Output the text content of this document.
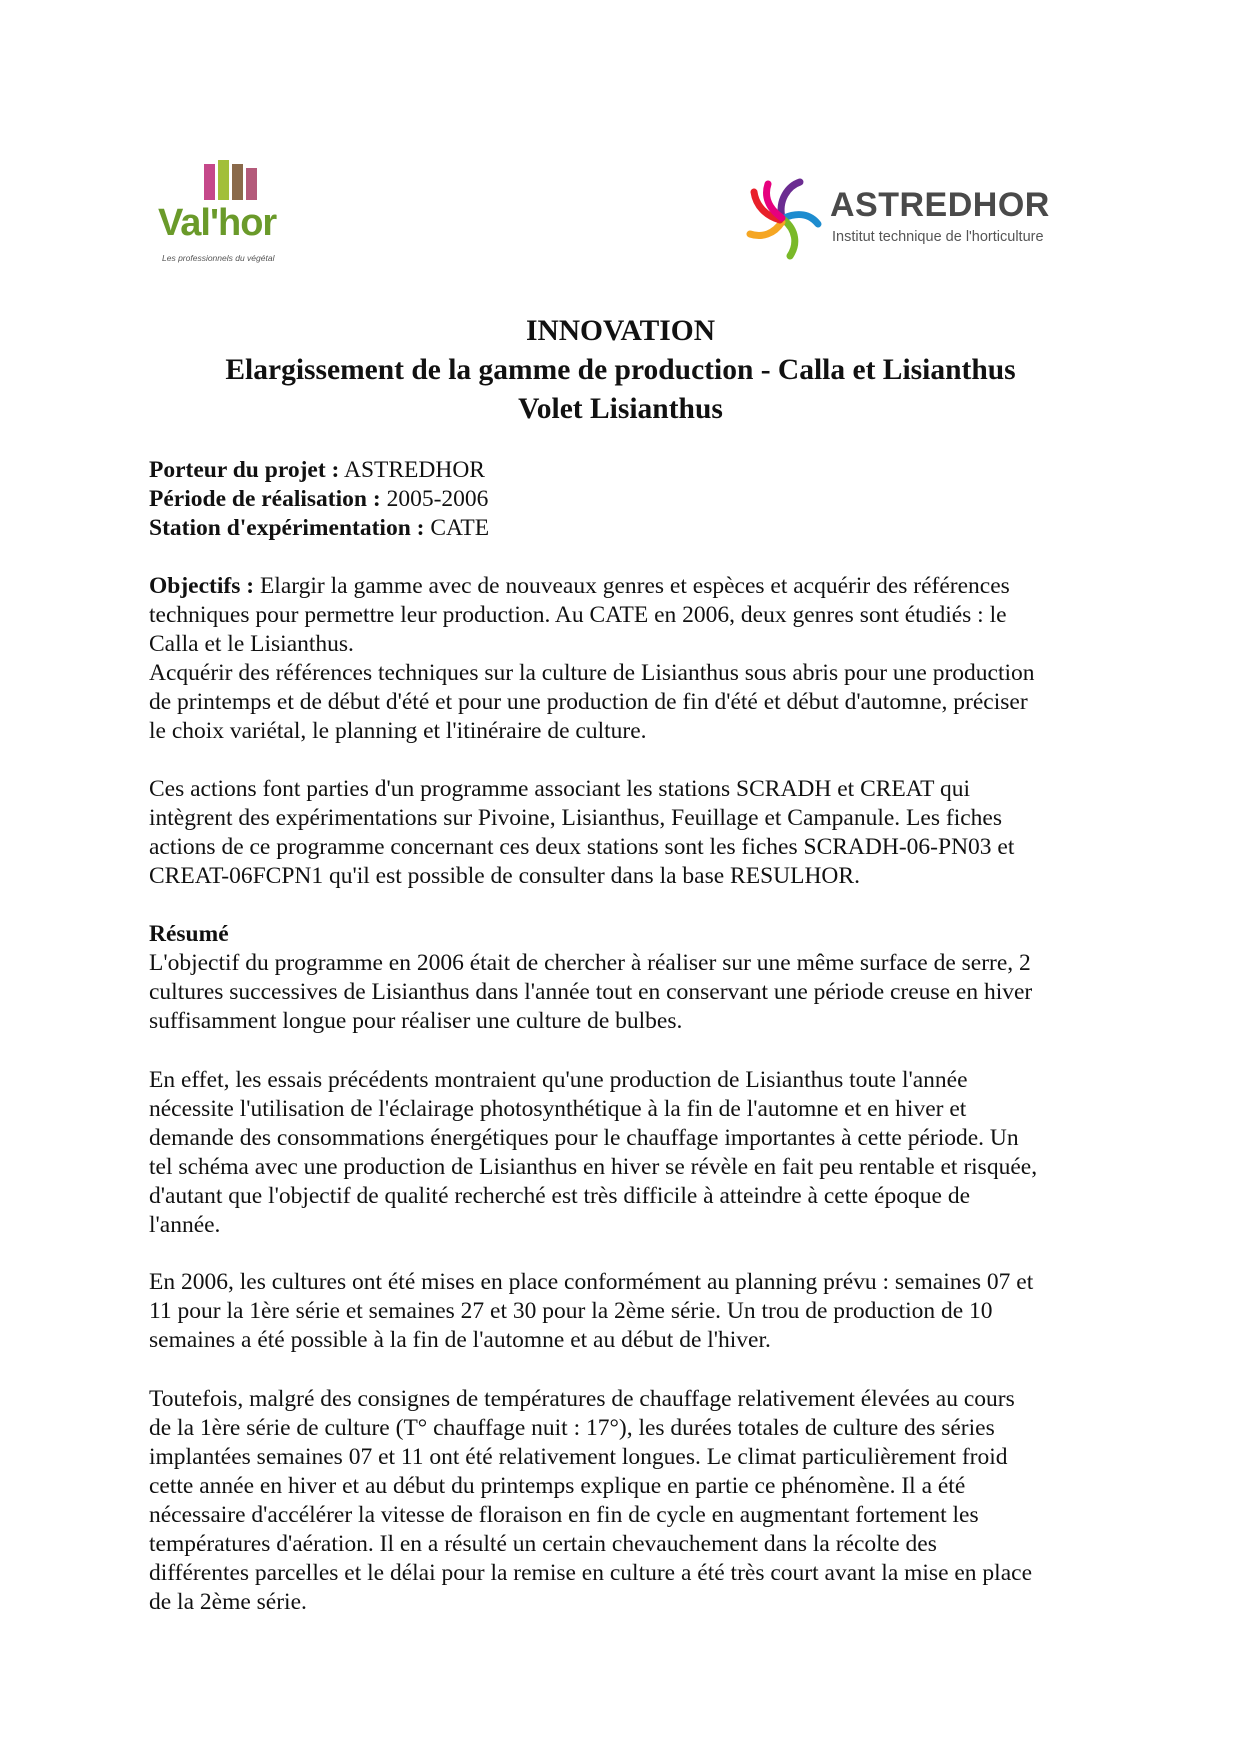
Val'hor
Les professionnels du végétal
ASTREDHOR
Institut technique de l'horticulture
INNOVATION
Elargissement de la gamme de production - Calla et Lisianthus
Volet Lisianthus
Porteur du projet : ASTREDHOR
Période de réalisation : 2005-2006
Station d'expérimentation : CATE
Objectifs : Elargir la gamme avec de nouveaux genres et espèces et acquérir des références
techniques pour permettre leur production. Au CATE en 2006, deux genres sont étudiés : le
Calla et le Lisianthus.
Acquérir des références techniques sur la culture de Lisianthus sous abris pour une production
de printemps et de début d'été et pour une production de fin d'été et début d'automne, préciser
le choix variétal, le planning et l'itinéraire de culture.
Ces actions font parties d'un programme associant les stations SCRADH et CREAT qui
intègrent des expérimentations sur Pivoine, Lisianthus, Feuillage et Campanule. Les fiches
actions de ce programme concernant ces deux stations sont les fiches SCRADH-06-PN03 et
CREAT-06FCPN1 qu'il est possible de consulter dans la base RESULHOR.
Résumé
L'objectif du programme en 2006 était de chercher à réaliser sur une même surface de serre, 2
cultures successives de Lisianthus dans l'année tout en conservant une période creuse en hiver
suffisamment longue pour réaliser une culture de bulbes.
En effet, les essais précédents montraient qu'une production de Lisianthus toute l'année
nécessite l'utilisation de l'éclairage photosynthétique à la fin de l'automne et en hiver et
demande des consommations énergétiques pour le chauffage importantes à cette période. Un
tel schéma avec une production de Lisianthus en hiver se révèle en fait peu rentable et risquée,
d'autant que l'objectif de qualité recherché est très difficile à atteindre à cette époque de
l'année.
En 2006, les cultures ont été mises en place conformément au planning prévu : semaines 07 et
11 pour la 1ère série et semaines 27 et 30 pour la 2ème série. Un trou de production de 10
semaines a été possible à la fin de l'automne et au début de l'hiver.
Toutefois, malgré des consignes de températures de chauffage relativement élevées au cours
de la 1ère série de culture (T° chauffage nuit : 17°), les durées totales de culture des séries
implantées semaines 07 et 11 ont été relativement longues. Le climat particulièrement froid
cette année en hiver et au début du printemps explique en partie ce phénomène. Il a été
nécessaire d'accélérer la vitesse de floraison en fin de cycle en augmentant fortement les
températures d'aération. Il en a résulté un certain chevauchement dans la récolte des
différentes parcelles et le délai pour la remise en culture a été très court avant la mise en place
de la 2ème série.
